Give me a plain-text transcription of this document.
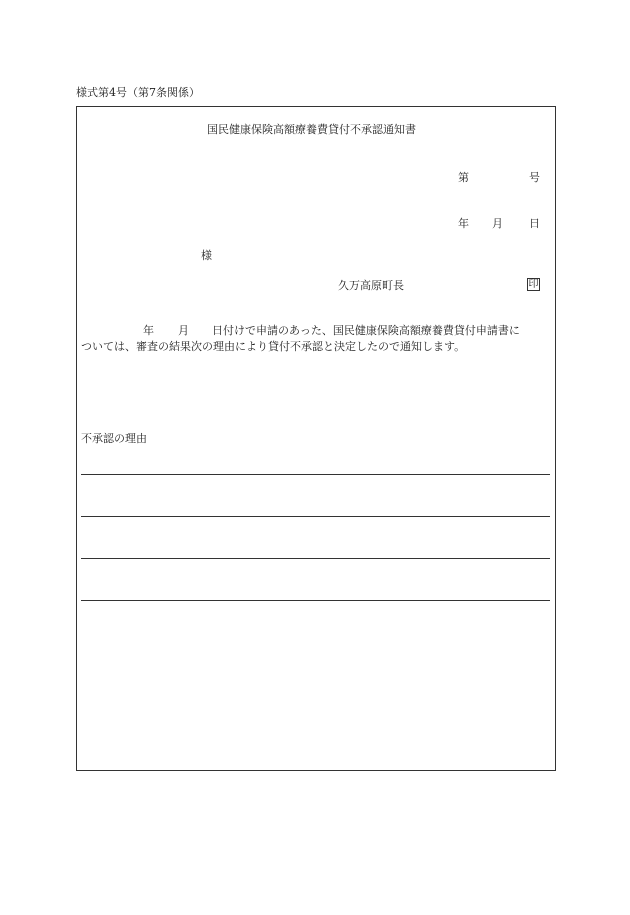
様式第4号（第7条関係）
国民健康保険高額療養費貸付不承認通知書
第	号
年 月 日
様
久万高原町長	印
年 月 日付けで申請のあった、国民健康保険高額療養費貸付申請書に
ついては、審査の結果次の理由により貸付不承認と決定したので通知します。
不承認の理由
